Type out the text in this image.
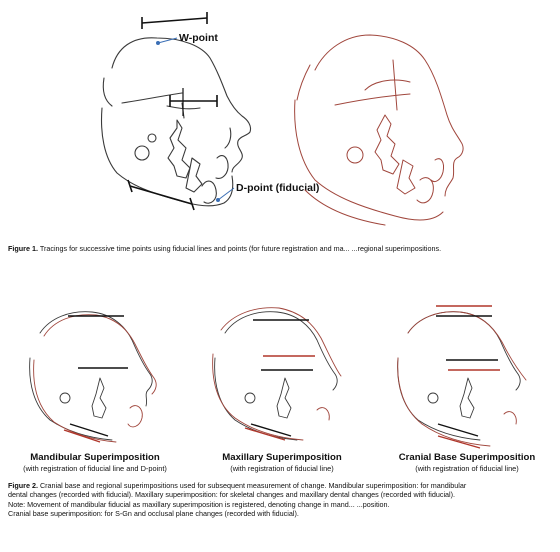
W-point
D-point (fiducial)
Figure 1. Tracings for successive time points using fiducial lines and points (for future registration and ma... ...regional superimpositions.
Mandibular Superimposition
(with registration of fiducial line and D-point)
Maxillary Superimposition
(with registration of fiducial line)
Cranial Base Superimposition
(with registration of fiducial line)
Figure 2. Cranial base and regional superimpositions used for subsequent measurement of change. Mandibular superimposition: for mandibular
dental changes (recorded with fiducial). Maxillary superimposition: for skeletal changes and maxillary dental changes (recorded with fiducial).
Note: Movement of mandibular fiducial as maxillary superimposition is registered, denoting change in mand... ...position.
Cranial base superimposition: for S-Gn and occlusal plane changes (recorded with fiducial).
